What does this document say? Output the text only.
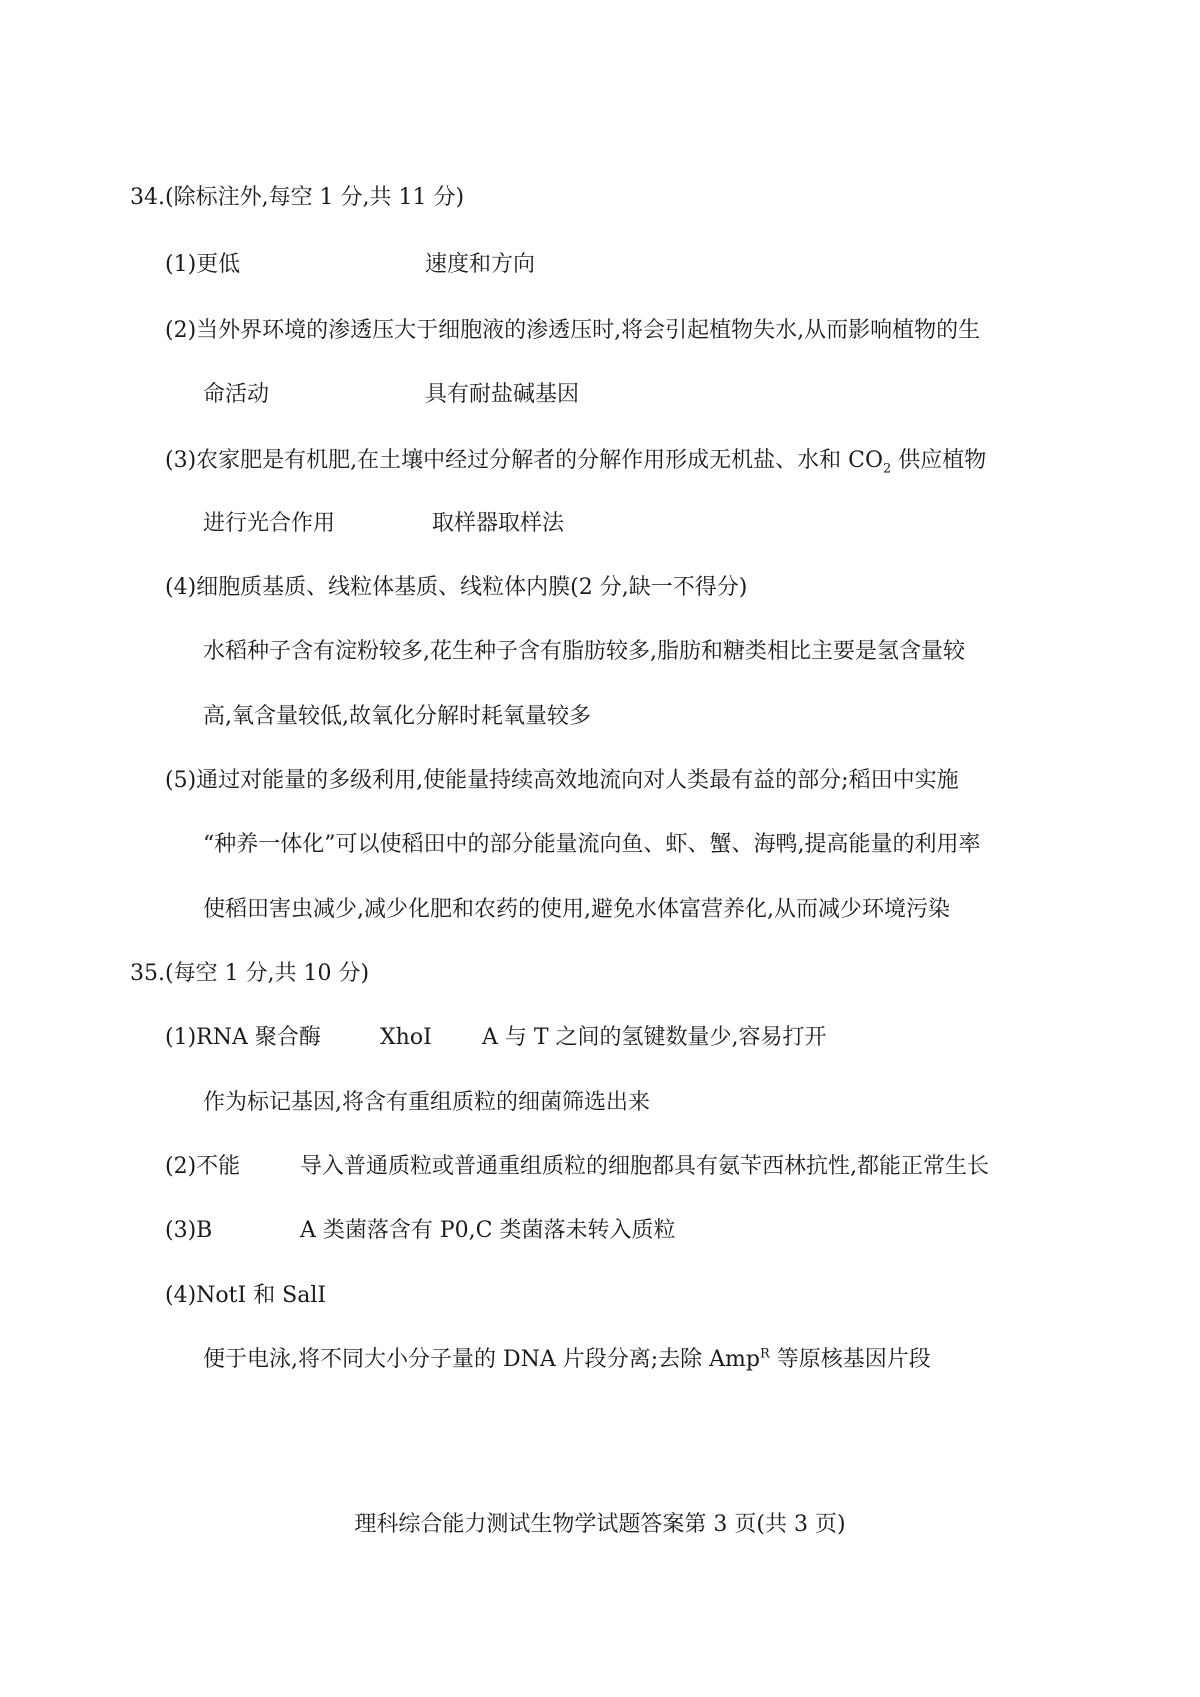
34.(除标注外,每空 1 分,共 11 分)
(1)更低	速度和方向
(2)当外界环境的渗透压大于细胞液的渗透压时,将会引起植物失水,从而影响植物的生
命活动	具有耐盐碱基因
(3)农家肥是有机肥,在土壤中经过分解者的分解作用形成无机盐、水和 $CO_2$ 供应植物
进行光合作用	取样器取样法
(4)细胞质基质、线粒体基质、线粒体内膜(2 分,缺一不得分)
水稻种子含有淀粉较多,花生种子含有脂肪较多,脂肪和糖类相比主要是氢含量较
高,氧含量较低,故氧化分解时耗氧量较多
(5)通过对能量的多级利用,使能量持续高效地流向对人类最有益的部分;稻田中实施
“种养一体化”可以使稻田中的部分能量流向鱼、虾、蟹、海鸭,提高能量的利用率
使稻田害虫减少,减少化肥和农药的使用,避免水体富营养化,从而减少环境污染
35.(每空 1 分,共 10 分)
(1)RNA 聚合酶	XhoI A 与 T 之间的氢键数量少,容易打开
作为标记基因,将含有重组质粒的细菌筛选出来
(2)不能	导入普通质粒或普通重组质粒的细胞都具有氨苄西林抗性,都能正常生长
(3)B	A 类菌落含有 P0,C 类菌落未转入质粒
(4)NotI 和 SalI
便于电泳,将不同大小分子量的 DNA 片段分离;去除 Amp$^R$ 等原核基因片段
理科综合能力测试生物学试题答案第 3 页(共 3 页)
